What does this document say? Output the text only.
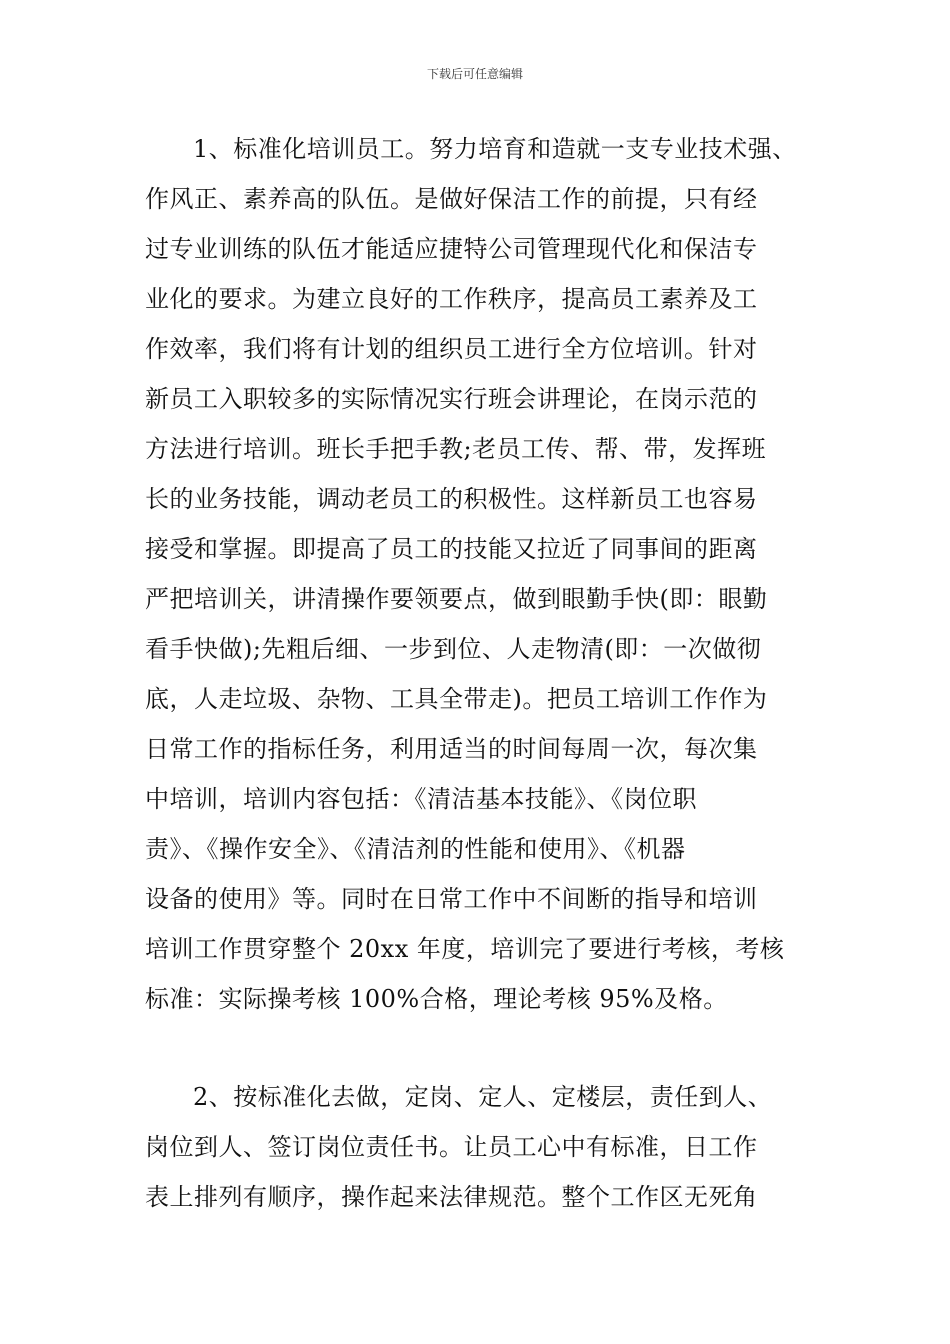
下载后可任意编辑
1、标准化培训员工。努力培育和造就一支专业技术强、
作风正、素养高的队伍。是做好保洁工作的前提，只有经
过专业训练的队伍才能适应捷特公司管理现代化和保洁专
业化的要求。为建立良好的工作秩序，提高员工素养及工
作效率，我们将有计划的组织员工进行全方位培训。针对
新员工入职较多的实际情况实行班会讲理论，在岗示范的
方法进行培训。班长手把手教;老员工传、帮、带，发挥班
长的业务技能，调动老员工的积极性。这样新员工也容易
接受和掌握。即提高了员工的技能又拉近了同事间的距离
严把培训关，讲清操作要领要点，做到眼勤手快(即：眼勤
看手快做);先粗后细、一步到位、人走物清(即：一次做彻
底，人走垃圾、杂物、工具全带走)。把员工培训工作作为
日常工作的指标任务，利用适当的时间每周一次，每次集
中培训，培训内容包括：《清洁基本技能》、《岗位职
责》、《操作安全》、《清洁剂的性能和使用》、《机器
设备的使用》等。同时在日常工作中不间断的指导和培训
培训工作贯穿整个 20xx 年度，培训完了要进行考核，考核
标准：实际操考核 100%合格，理论考核 95%及格。
2、按标准化去做，定岗、定人、定楼层，责任到人、
岗位到人、签订岗位责任书。让员工心中有标准，日工作
表上排列有顺序，操作起来法律规范。整个工作区无死角
